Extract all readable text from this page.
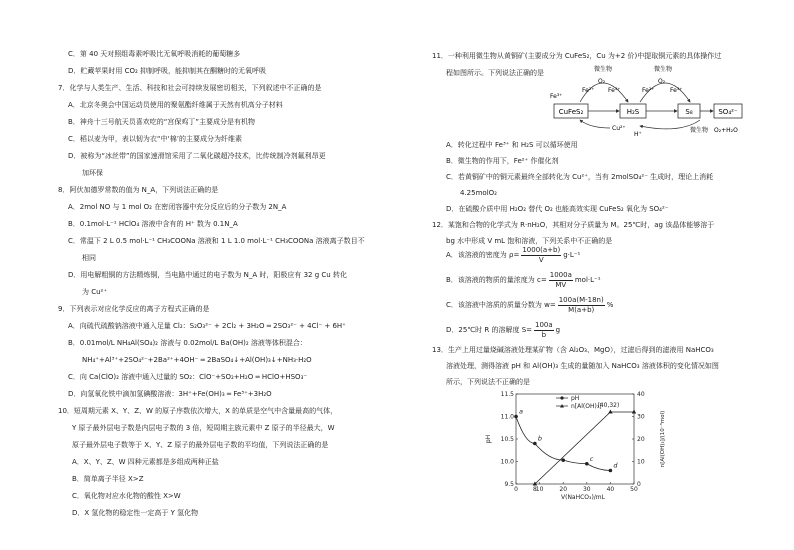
C．第 40 天对照组毒素呼吸比无氧呼吸消耗的葡萄糖多
D．贮藏苹果时用 CO₂ 抑制呼吸，能抑制其在酮糖时的无氧呼吸
7．化学与人类生产、生活、科技和社会可持续发展密切相关，下列叙述中不正确的是
A．北京冬奥会中国运动员使用的聚氨酯纤维属于天然有机高分子材料
B．神舟十三号航天员喜欢吃的“宫保鸡丁”主要成分是有机物
C．稻以麦为甲，表以韧为衣“中‘棉’的主要成分为纤维素
D．被称为“冰丝带”的国家速滑馆采用了二氧化碳超冷技术，比传统制冷剂氟利昂更
加环保
8．阿伏加德罗常数的值为 N_A，下列说法正确的是
A．2mol NO 与 1 mol O₂ 在密闭容器中充分反应后的分子数为 2N_A
B．0.1mol·L⁻¹ HClO₄ 溶液中含有的 H⁺ 数为 0.1N_A
C．常温下 2 L 0.5 mol·L⁻¹ CH₃COONa 溶液和 1 L 1.0 mol·L⁻¹ CH₃COONa 溶液离子数目不
相同
D．用电解粗铜的方法精炼铜，当电路中通过的电子数为 N_A 时，阳极应有 32 g Cu 转化
为 Cu²⁺
9．下列表示对应化学反应的离子方程式正确的是
A．向硫代硫酸钠溶液中通入足量 Cl₂：S₂O₃²⁻ + 2Cl₂ + 3H₂O ═ 2SO₃²⁻ + 4Cl⁻ + 6H⁺
B．0.01mol/L NH₄Al(SO₄)₂ 溶液与 0.02mol/L Ba(OH)₂ 溶液等体积混合：
NH₄⁺+Al³⁺+2SO₄²⁻+2Ba²⁺+4OH⁻ ═ 2BaSO₄↓+Al(OH)₃↓+NH₃·H₂O
C．向 Ca(ClO)₂ 溶液中通入过量的 SO₂：ClO⁻+SO₂+H₂O ═ HClO+HSO₃⁻
D．向氢氧化铁中滴加氢碘酸溶液：3H⁺+Fe(OH)₃ ═ Fe³⁺+3H₂O
10．短周期元素 X、Y、Z、W 的原子序数依次增大，X 的单质是空气中含量最高的气体，
Y 原子最外层电子数是内层电子数的 3 倍，短周期主族元素中 Z 原子的半径最大，W
原子最外层电子数等于 X、Y、Z 原子的最外层电子数的平均值，下列说法正确的是
A．X、Y、Z、W 四种元素都是多组成两种正盐
B．简单离子半径 X>Z
C．氧化物对应水化物的酸性 X>W
D．X 氢化物的稳定性一定高于 Y 氢化物
11．一种利用微生物从黄铜矿(主要成分为 CuFeS₂，Cu 为+2 价)中提取铜元素的具体操作过
程如图所示。下列说法正确的是
CuFeS₂	H₂S	S₈	SO₄²⁻
微生物	微生物
O₂	O₂
Fe²⁺ Fe³⁺	Fe²⁺	Fe³⁺
Cu²⁺
H⁺
微生物 O₂+H₂O
Fe³⁺
A．转化过程中 Fe³⁺ 和 H₂S 可以循环使用
B．微生物的作用下，Fe²⁺ 作催化剂
C．若黄铜矿中的铜元素最终全部转化为 Cu²⁺，当有 2molSO₄²⁻ 生成时，理论上消耗
4.25molO₂
D．在硫酸介质中用 H₂O₂ 替代 O₂ 也能高效实现 CuFeS₂ 氧化为 SO₄²⁻
12．某饱和合物的化学式为 R·nH₂O，其相对分子质量为 M。25℃时，ag 该晶体能够溶于
bg 水中形成 V mL 饱和溶液，下列关系中不正确的是
A．该溶液的密度为 $\rho= \frac{1000(a+b)}{V} g\cdot L^{-1}$
B．该溶液的物质的量浓度为 $c= \frac{1000a}{MV} mol\cdot L^{-1}$
C．该溶液中溶质的质量分数为 $w= \frac{100a(M-18n)}{M(a+b)}$ %
D．25℃时 R 的溶解度 $S= \frac{100a}{b}$ g
13．生产上用过量烧碱溶液处理某矿物（含 Al₂O₃、MgO），过滤后得到的滤液用 NaHCO₃
溶液处理，测得溶液 pH 和 Al(OH)₃ 生成的量随加入 NaHCO₃ 溶液体积的变化情况如图
所示，下列说法不正确的是
0	8
10	20	30	40	50
V(NaHCO₃)/mL
9.5
10.0
10.5
11.0
11.5
pH
0
10
20
30
40
n[Al(OH)₃]/(10⁻³mol)
a
b
c
d
(40,32)
pH
n[Al(OH)₃]
